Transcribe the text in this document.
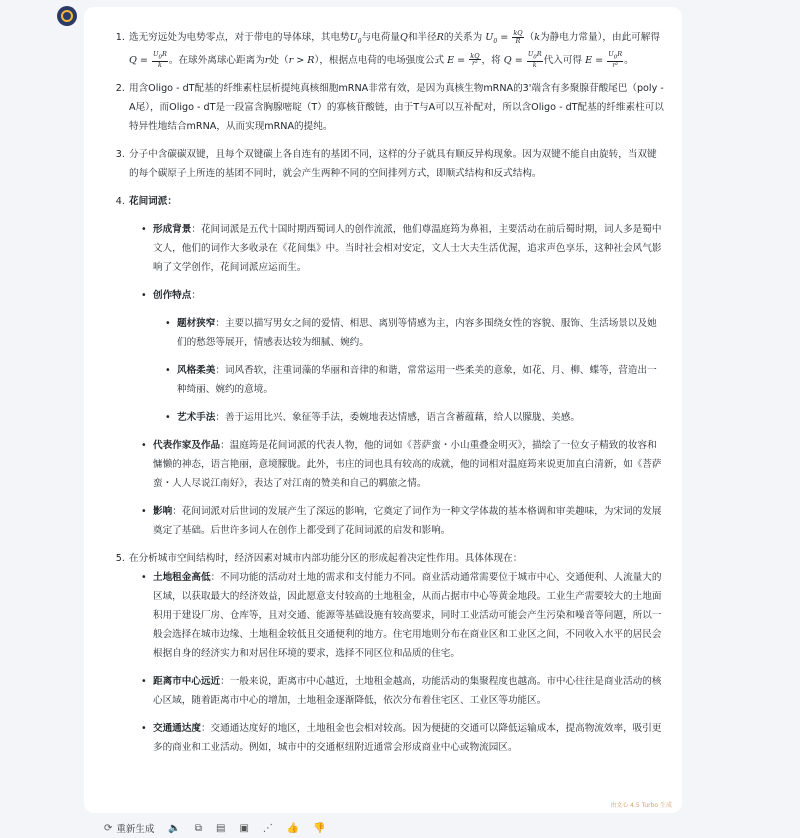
1. 选无穷远处为电势零点，对于带电的导体球，其电势$U_0$与电荷量Q和半径R的关系为 $U_0 = \frac{kQ}{R} (k$为静电力常量），由此可解得 $Q = \frac{U_0R}{k}$ 。在球外离球心距离为r处（r > R），根据点电荷的电场强度公式 $E = \frac{kQ}{\text{r²}}$ ，将 $Q = \frac{U_0R}{k}$ 代入可得 $E = \frac{U_0R}{\text{r²}}$ 。
2. 用含Oligo - dT配基的纤维素柱层析提纯真核细胞mRNA非常有效，是因为真核生物mRNA的3'端含有多聚腺苷酸尾巴（poly - A尾），而Oligo - dT是一段富含胸腺嘧啶（T）的寡核苷酸链，由于T与A可以互补配对，所以含Oligo - dT配基的纤维素柱可以特异性地结合mRNA，从而实现mRNA的提纯。
3. 分子中含碳碳双键，且每个双键碳上各自连有的基团不同，这样的分子就具有顺反异构现象。因为双键不能自由旋转，当双键的每个碳原子上所连的基团不同时，就会产生两种不同的空间排列方式，即顺式结构和反式结构。
4. 花间词派：
• 形成背景：花间词派是五代十国时期西蜀词人的创作流派，他们尊温庭筠为鼻祖，主要活动在前后蜀时期，词人多是蜀中文人，他们的词作大多收录在《花间集》中。当时社会相对安定，文人士大夫生活优渥，追求声色享乐，这种社会风气影响了文学创作，花间词派应运而生。
• 创作特点：
• 题材狭窄：主要以描写男女之间的爱情、相思、离别等情感为主，内容多围绕女性的容貌、服饰、生活场景以及她们的愁怨等展开，情感表达较为细腻、婉约。
• 风格柔美：词风香软，注重词藻的华丽和音律的和谐，常常运用一些柔美的意象，如花、月、柳、蝶等，营造出一种绮丽、婉约的意境。
• 艺术手法：善于运用比兴、象征等手法，委婉地表达情感，语言含蓄蕴藉，给人以朦胧、美感。
• 代表作家及作品：温庭筠是花间词派的代表人物，他的词如《菩萨蛮・小山重叠金明灭》，描绘了一位女子精致的妆容和慵懒的神态，语言艳丽，意境朦胧。此外，韦庄的词也具有较高的成就，他的词相对温庭筠来说更加直白清新，如《菩萨蛮・人人尽说江南好》，表达了对江南的赞美和自己的羁旅之情。
• 影响：花间词派对后世词的发展产生了深远的影响，它奠定了词作为一种文学体裁的基本格调和审美趣味，为宋词的发展奠定了基础。后世许多词人在创作上都受到了花间词派的启发和影响。
5. 在分析城市空间结构时，经济因素对城市内部功能分区的形成起着决定性作用。具体体现在：
• 土地租金高低：不同功能的活动对土地的需求和支付能力不同。商业活动通常需要位于城市中心、交通便利、人流量大的区域，以获取最大的经济效益，因此愿意支付较高的土地租金，从而占据市中心等黄金地段。工业生产需要较大的土地面积用于建设厂房、仓库等，且对交通、能源等基础设施有较高要求，同时工业活动可能会产生污染和噪音等问题，所以一般会选择在城市边缘、土地租金较低且交通便利的地方。住宅用地则分布在商业区和工业区之间，不同收入水平的居民会根据自身的经济实力和对居住环境的要求，选择不同区位和品质的住宅。
• 距离市中心远近：一般来说，距离市中心越近，土地租金越高，功能活动的集聚程度也越高。市中心往往是商业活动的核心区域，随着距离市中心的增加，土地租金逐渐降低，依次分布着住宅区、工业区等功能区。
• 交通通达度：交通通达度好的地区，土地租金也会相对较高。因为便捷的交通可以降低运输成本，提高物流效率，吸引更多的商业和工业活动。例如，城市中的交通枢纽附近通常会形成商业中心或物流园区。
由文心 4.5 Turbo 生成
⟳ 重新生成 🔈 ⧉ ▤ ▣ ⋰ 👍 👎
